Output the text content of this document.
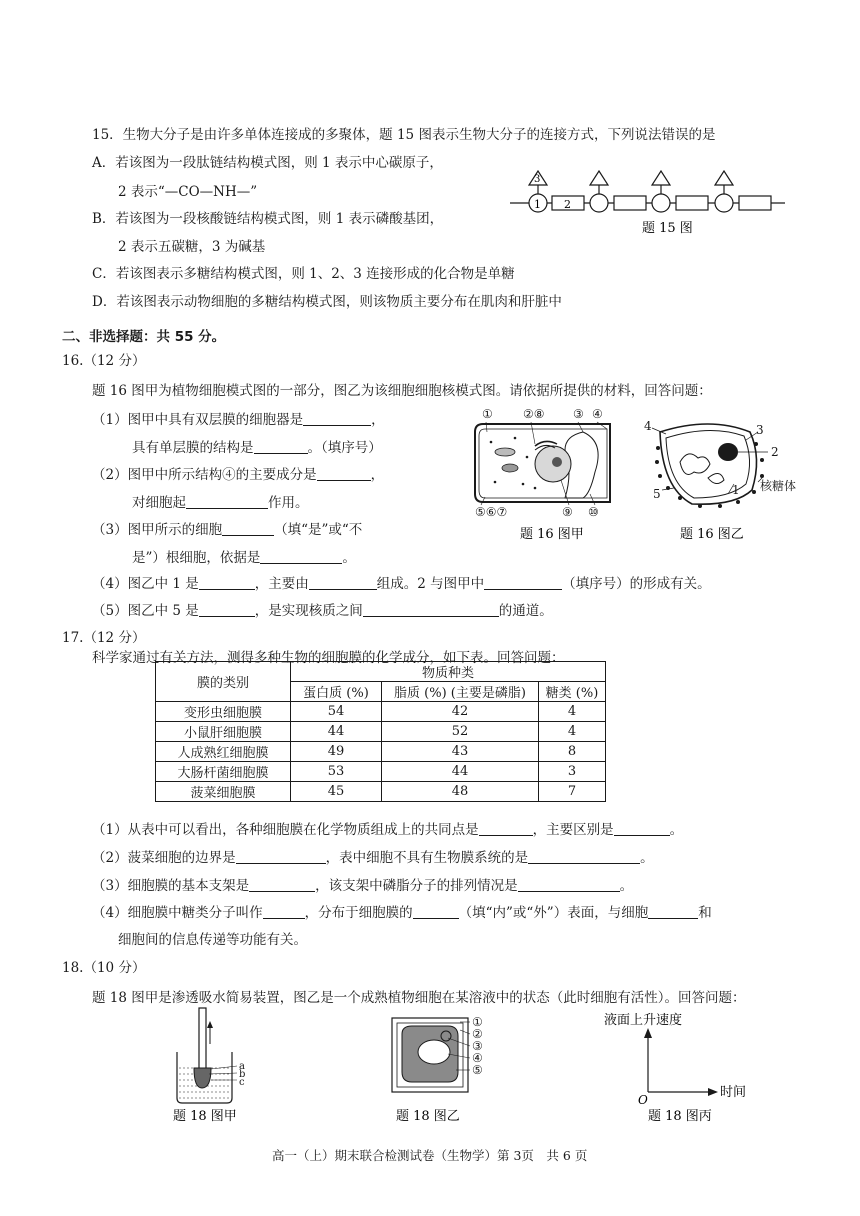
15．生物大分子是由许多单体连接成的多聚体，题 15 图表示生物大分子的连接方式，下列说法错误的是
A．若该图为一段肽链结构模式图，则 1 表示中心碳原子，
2 表示“—CO—NH—”
B．若该图为一段核酸链结构模式图，则 1 表示磷酸基团，
2 表示五碳糖，3 为碱基
C．若该图表示多糖结构模式图，则 1、2、3 连接形成的化合物是单糖
D．若该图表示动物细胞的多糖结构模式图，则该物质主要分布在肌肉和肝脏中
1 2
3
题 15 图
二、非选择题：共 55 分。
16.（12 分）
题 16 图甲为植物细胞模式图的一部分，图乙为该细胞细胞核模式图。请依据所提供的材料，回答问题：
（1）图甲中具有双层膜的细胞器是	，
具有单层膜的结构是	。（填序号）
（2）图甲中所示结构④的主要成分是	，
对细胞起	作用。
（3）图甲所示的细胞	（填“是”或“不
是”）根细胞，依据是	。
（4）图乙中 1 是	，主要由	组成。2 与图甲中	（填序号）的形成有关。
（5）图乙中 5 是	，是实现核质之间	的通道。
①	②⑧ ③ ④
⑤⑥⑦	⑨ ⑩
题 16 图甲
4	3
2
5	1 核糖体
题 16 图乙
17.（12 分）
科学家通过有关方法，测得多种生物的细胞膜的化学成分，如下表。回答问题：
膜的类别	物质种类		
	蛋白质 (%)	脂质 (%) (主要是磷脂)	糖类 (%)
变形虫细胞膜	54	42	4
小鼠肝细胞膜	44	52	4
人成熟红细胞膜	49	43	8
大肠杆菌细胞膜	53	44	3
菠菜细胞膜	45	48	7
（1）从表中可以看出，各种细胞膜在化学物质组成上的共同点是	，主要区别是	。
（2）菠菜细胞的边界是	，表中细胞不具有生物膜系统的是	。
（3）细胞膜的基本支架是	，该支架中磷脂分子的排列情况是	。
（4）细胞膜中糖类分子叫作	，分布于细胞膜的	（填“内”或“外”）表面，与细胞	和
细胞间的信息传递等功能有关。
18.（10 分）
题 18 图甲是渗透吸水简易装置，图乙是一个成熟植物细胞在某溶液中的状态（此时细胞有活性）。回答问题：
a
b
c
题 18 图甲
①
②
③
④
⑤
题 18 图乙
液面上升速度
时间
O
题 18 图丙
高一（上）期末联合检测试卷（生物学）第 3页　共 6 页
